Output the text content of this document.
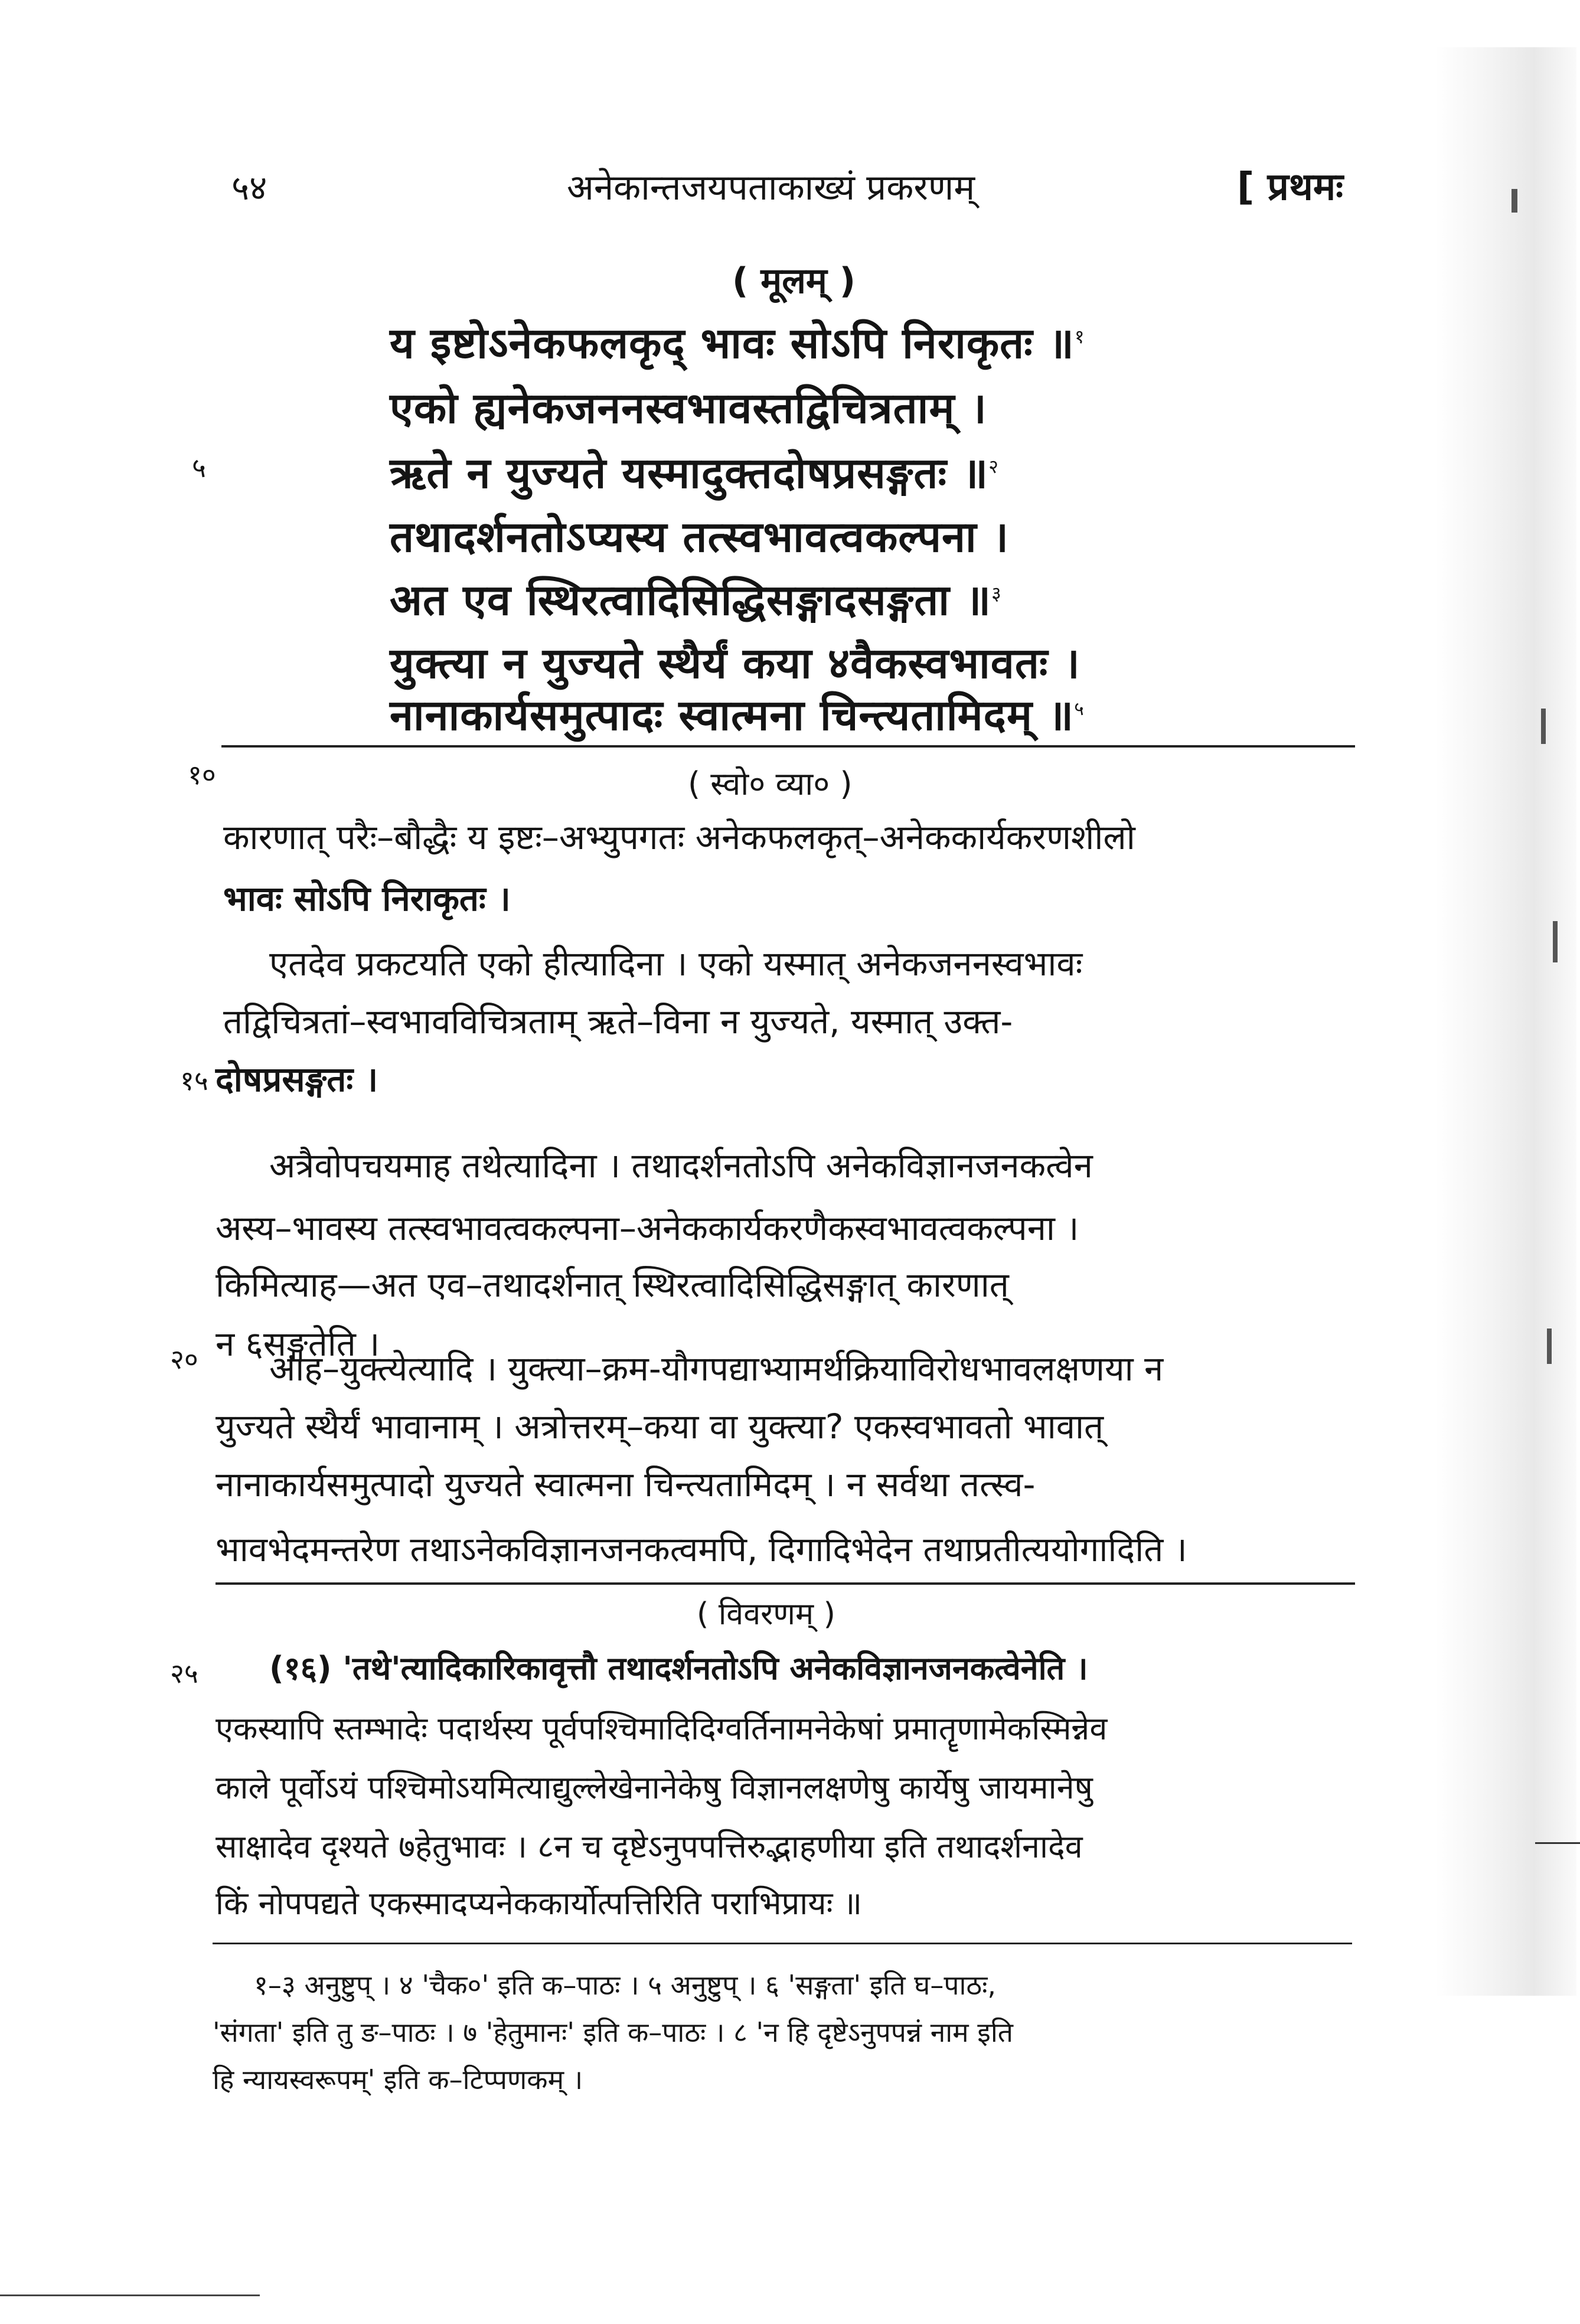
५४	अनेकान्तजयपताकाख्यं प्रकरणम्	[ प्रथमः
( मूलम् )
य इष्टोऽनेकफलकृद् भावः सोऽपि निराकृतः ॥$^१$
एको ह्यनेकजननस्वभावस्तद्विचित्रताम् ।
५	ऋते न युज्यते यस्मादुक्तदोषप्रसङ्गतः ॥$^२$
तथादर्शनतोऽप्यस्य तत्स्वभावत्वकल्पना ।
अत एव स्थिरत्वादिसिद्धिसङ्गादसङ्गता ॥$^३$
युक्त्या न युज्यते स्थैर्यं कया ४वैकस्वभावतः ।
नानाकार्यसमुत्पादः स्वात्मना चिन्त्यतामिदम् ॥$^५$
१०	( स्वो० व्या० )
कारणात् परैः–बौद्धैः य इष्टः–अभ्युपगतः अनेकफलकृत्–अनेककार्यकरणशीलो
भावः सोऽपि निराकृतः ।
एतदेव प्रकटयति एको हीत्यादिना । एको यस्मात् अनेकजननस्वभावः
तद्विचित्रतां–स्वभावविचित्रताम् ऋते–विना न युज्यते, यस्मात् उक्त-
१५ दोषप्रसङ्गतः ।
अत्रैवोपचयमाह तथेत्यादिना । तथादर्शनतोऽपि अनेकविज्ञानजनकत्वेन
अस्य–भावस्य तत्स्वभावत्वकल्पना–अनेककार्यकरणैकस्वभावत्वकल्पना ।
किमित्याह—अत एव–तथादर्शनात् स्थिरत्वादिसिद्धिसङ्गात् कारणात्
न ६सङ्गतेति ।
२० आह–युक्त्येत्यादि । युक्त्या–क्रम-यौगपद्याभ्यामर्थक्रियाविरोधभावलक्षणया न
युज्यते स्थैर्यं भावानाम् । अत्रोत्तरम्–कया वा युक्त्या? एकस्वभावतो भावात्
नानाकार्यसमुत्पादो युज्यते स्वात्मना चिन्त्यतामिदम् । न सर्वथा तत्स्व-
भावभेदमन्तरेण तथाऽनेकविज्ञानजनकत्वमपि, दिगादिभेदेन तथाप्रतीत्ययोगादिति ।
( विवरणम् )
२५ (१६) 'तथे'त्यादिकारिकावृत्तौ तथादर्शनतोऽपि अनेकविज्ञानजनकत्वेनेति ।
एकस्यापि स्तम्भादेः पदार्थस्य पूर्वपश्चिमादिदिग्वर्तिनामनेकेषां प्रमातॄणामेकस्मिन्नेव
काले पूर्वोऽयं पश्चिमोऽयमित्याद्युल्लेखेनानेकेषु विज्ञानलक्षणेषु कार्येषु जायमानेषु
साक्षादेव दृश्यते ७हेतुभावः । ८न च दृष्टेऽनुपपत्तिरुद्भाहणीया इति तथादर्शनादेव
किं नोपपद्यते एकस्मादप्यनेककार्योत्पत्तिरिति पराभिप्रायः ॥
१–३ अनुष्टुप् । ४ 'चैक०' इति क–पाठः । ५ अनुष्टुप् । ६ 'सङ्गता' इति घ–पाठः,
'संगता' इति तु ङ–पाठः । ७ 'हेतुमानः' इति क–पाठः । ८ 'न हि दृष्टेऽनुपपन्नं नाम इति
हि न्यायस्वरूपम्' इति क–टिप्पणकम् ।
